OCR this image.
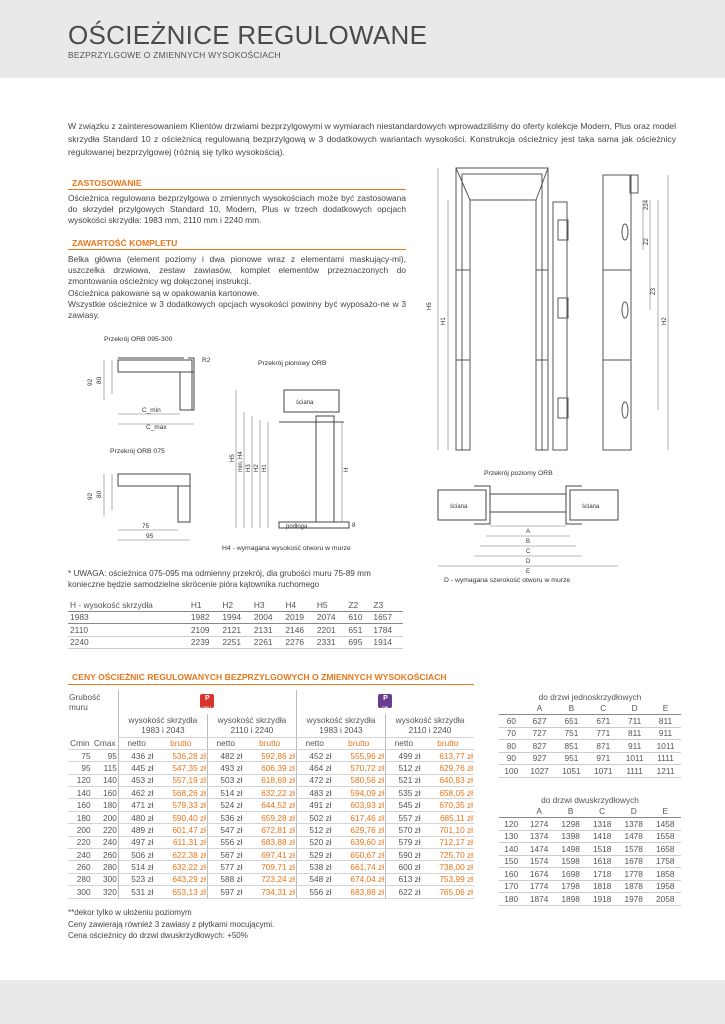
OŚCIEŻNICE REGULOWANE
BEZPRZYLGOWE O ZMIENNYCH WYSOKOŚCIACH
W związku z zainteresowaniem Klientów drzwiami bezprzylgowymi w wymiarach niestandardowych wprowadziliśmy do oferty kolekcje Modern, Plus oraz model skrzydła Standard 10 z ościeżnicą regulowaną bezprzylgową w 3 dodatkowych wariantach wysokości. Konstrukcja ościeżnicy jest taka sama jak ościeżnicy regulowanej bezprzylgowej (różnią się tylko wysokością).
ZASTOSOWANIE
Ościeżnica regulowana bezprzylgowa o zmiennych wysokościach może być zastosowana do skrzydeł przylgowych Standard 10, Modern, Plus w trzech dodatkowych opcjach wysokości skrzydła: 1983 mm, 2110 mm i 2240 mm.
ZAWARTOŚĆ KOMPLETU
Belka główna (element poziomy i dwa pionowe wraz z elementami maskujący-mi), uszczelka drzwiowa, zestaw zawiasów, komplet elementów przeznaczonych do zmontowania ościeżnicy wg dołączonej instrukcji.
Ościeżnica pakowane są w opakowania kartonowe.
Wszystkie ościeżnice w 3 dodatkowych opcjach wysokości powinny być wyposażo-ne w 3 zawiasy.
H5
H1
224
Z2
Z3
H2
Przekrój ORB 095-300
92 80
C_min
C_max
R2
Przekrój ORB 075
92 80
75
95
Przekrój pionowy ORB
ściana
podłoga
H5 min. H4 H3 H2 H1	H
8
H4 - wymagana wysokość otworu w murze
Przekrój poziomy ORB
ściana	ściana
A
B
C
D
E
D - wymagana szerokość otworu w murze
* UWAGA: ościeżnica 075-095 ma odmienny przekrój, dla grubości muru 75-89 mm konieczne będzie samodzielne skrócenie piórа kątownika ruchomego
H - wysokość skrzydła	H1	H2	H3	H4	H5	Z2	Z3
1983	1982	1994	2004	2019	2074	610	1657
2110	2109	2121	2131	2146	2201	651	1784
2240	2239	2251	2261	2276	2331	695	1914
CENY OŚCIEŻNIC REGULOWANYCH BEZPRZYLGOWYCH O ZMIENNYCH WYSOKOŚCIACH
Grubość muru		P
CELL				P
CPL			
		wysokość skrzydła 1983 i 2043		wysokość skrzydła 2110 i 2240		wysokość skrzydła 1983 i 2043		wysokość skrzydła 2110 i 2240	
Cmin	Cmax	netto	brutto	netto	brutto	netto	brutto	netto	brutto
75	95	436 zł	536,28 zł	482 zł	592,86 zł	452 zł	555,96 zł	499 zł	613,77 zł
95	115	445 zł	547,35 zł	493 zł	606,39 zł	464 zł	570,72 zł	512 zł	629,76 zł
120	140	453 zł	557,19 zł	503 zł	618,69 zł	472 zł	580,56 zł	521 zł	640,83 zł
140	160	462 zł	568,26 zł	514 zł	632,22 zł	483 zł	594,09 zł	535 zł	658,05 zł
160	180	471 zł	579,33 zł	524 zł	644,52 zł	491 zł	603,93 zł	545 zł	670,35 zł
180	200	480 zł	590,40 zł	536 zł	659,28 zł	502 zł	617,46 zł	557 zł	685,11 zł
200	220	489 zł	601,47 zł	547 zł	672,81 zł	512 zł	629,76 zł	570 zł	701,10 zł
220	240	497 zł	611,31 zł	556 zł	683,88 zł	520 zł	639,60 zł	579 zł	712,17 zł
240	260	506 zł	622,38 zł	567 zł	697,41 zł	529 zł	650,67 zł	590 zł	725,70 zł
260	280	514 zł	632,22 zł	577 zł	709,71 zł	538 zł	661,74 zł	600 zł	738,00 zł
280	300	523 zł	643,29 zł	588 zł	723,24 zł	548 zł	674,04 zł	613 zł	753,99 zł
300	320	531 zł	653,13 zł	597 zł	734,31 zł	556 zł	683,88 zł	622 zł	765,06 zł
**dekor tylko w ułożeniu poziomym
Ceny zawierają również 3 zawiasy z płytkami mocującymi.
Cena ościeżnicy do drzwi dwuskrzydłowych: +50%
do drzwi jednoskrzydłowych					
	A	B	C	D	E
60	627	651	671	711	811
70	727	751	771	811	911
80	827	851	871	911	1011
90	927	951	971	1011	1111
100	1027	1051	1071	1111	1211
do drzwi dwuskrzydłowych					
	A	B	C	D	E
120	1274	1298	1318	1378	1458
130	1374	1398	1418	1478	1558
140	1474	1498	1518	1578	1658
150	1574	1598	1618	1678	1758
160	1674	1698	1718	1778	1858
170	1774	1798	1818	1878	1958
180	1874	1898	1918	1978	2058
